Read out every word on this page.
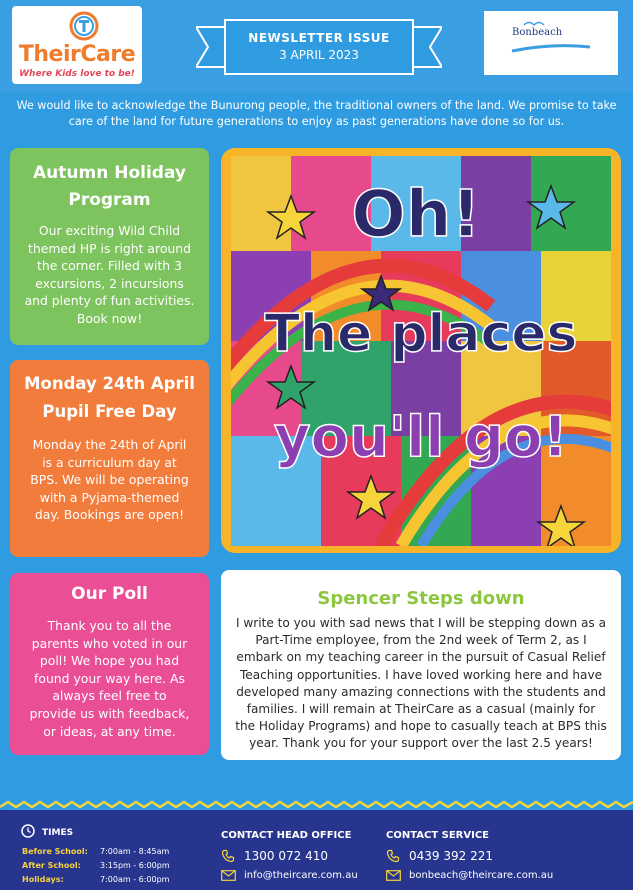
TheirCare
Where Kids love to be!
NEWSLETTER ISSUE
3 APRIL 2023
Bonbeach
We would like to acknowledge the Bunurong people, the traditional owners of the land. We promise to take care of the land for future generations to enjoy as past generations have done so for us.
Autumn Holiday Program

Our exciting Wild Child themed HP is right around the corner. Filled with 3 excursions, 2 incursions and plenty of fun activities. Book now!

Monday 24th April Pupil Free Day

Monday the 24th of April is a curriculum day at BPS. We will be operating with a Pyjama-themed day. Bookings are open!

Our Poll

Thank you to all the parents who voted in our poll! We hope you had found your way here. As always feel free to provide us with feedback, or ideas, at any time.

Oh!
The places
you'll go!
Spencer Steps down

I write to you with sad news that I will be stepping down as a Part-Time employee, from the 2nd week of Term 2, as I embark on my teaching career in the pursuit of Casual Relief Teaching opportunities. I have loved working here and have developed many amazing connections with the students and families. I will remain at TheirCare as a casual (mainly for the Holiday Programs) and hope to casually teach at BPS this year. Thank you for your support over the last 2.5 years!

TIMES
Before School: 7:00am - 8:45am
After School: 3:15pm - 6:00pm
Holidays:	7:00am - 6:00pm
CONTACT HEAD OFFICE
1300 072 410
info@theircare.com.au
CONTACT SERVICE
0439 392 221
bonbeach@theircare.com.au
